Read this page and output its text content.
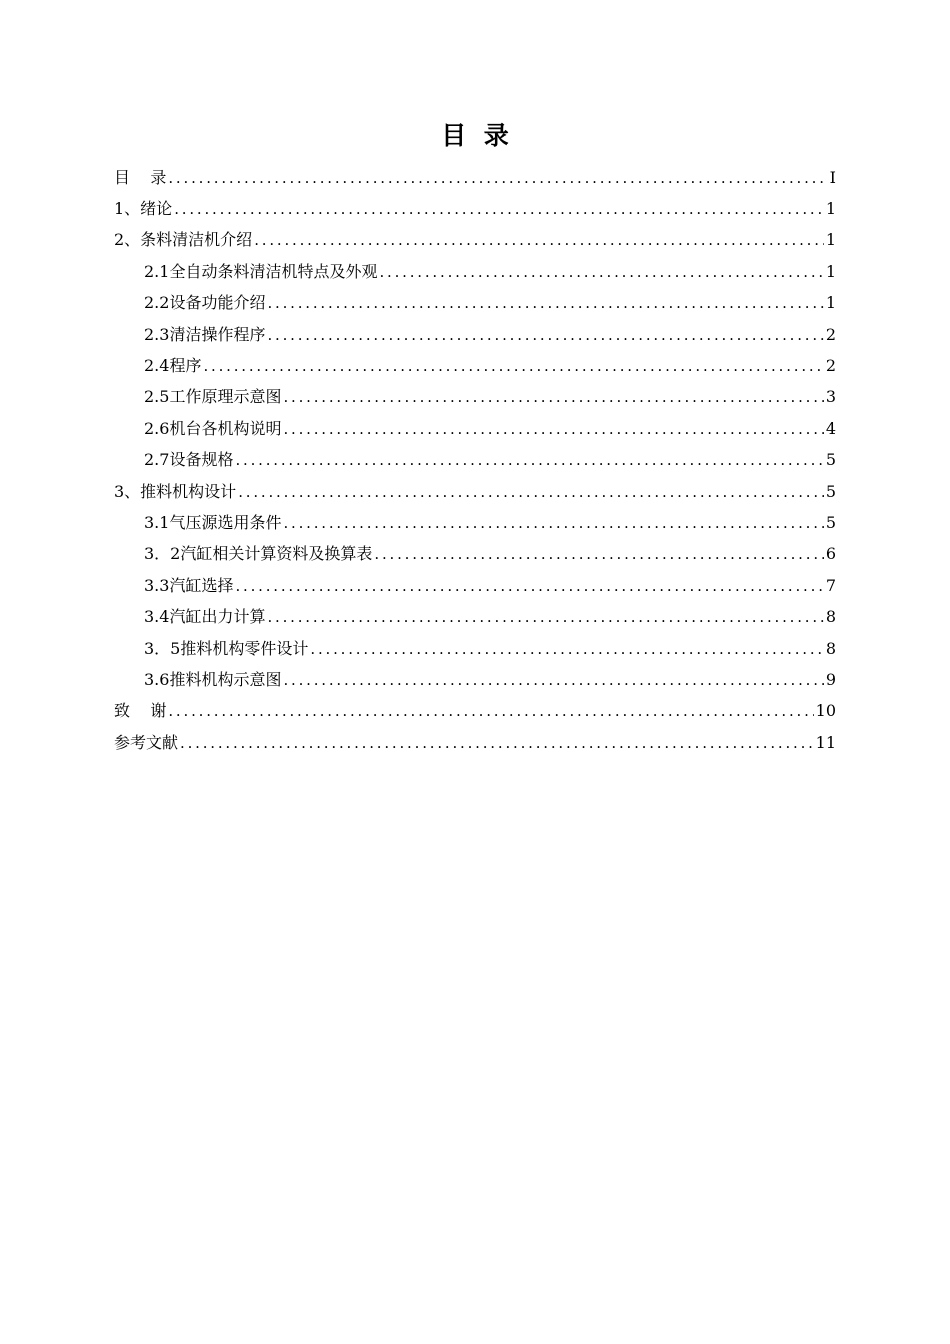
目  录
目    录 .....	I
1、绪论 .....	1
2、条料清洁机介绍 .....	1
2.1全自动条料清洁机特点及外观 .....	1
2.2设备功能介绍 .....	1
2.3清洁操作程序 .....	2
2.4程序 .....	2
2.5工作原理示意图 .....	3
2.6机台各机构说明 .....	4
2.7设备规格 .....	5
3、推料机构设计 .....	5
3.1气压源选用条件 .....	5
3．2汽缸相关计算资料及换算表 .....	6
3.3汽缸选择 .....	7
3.4汽缸出力计算 .....	8
3．5推料机构零件设计 .....	8
3.6推料机构示意图 .....	9
致    谢 .....	10
参考文献 .....	11
